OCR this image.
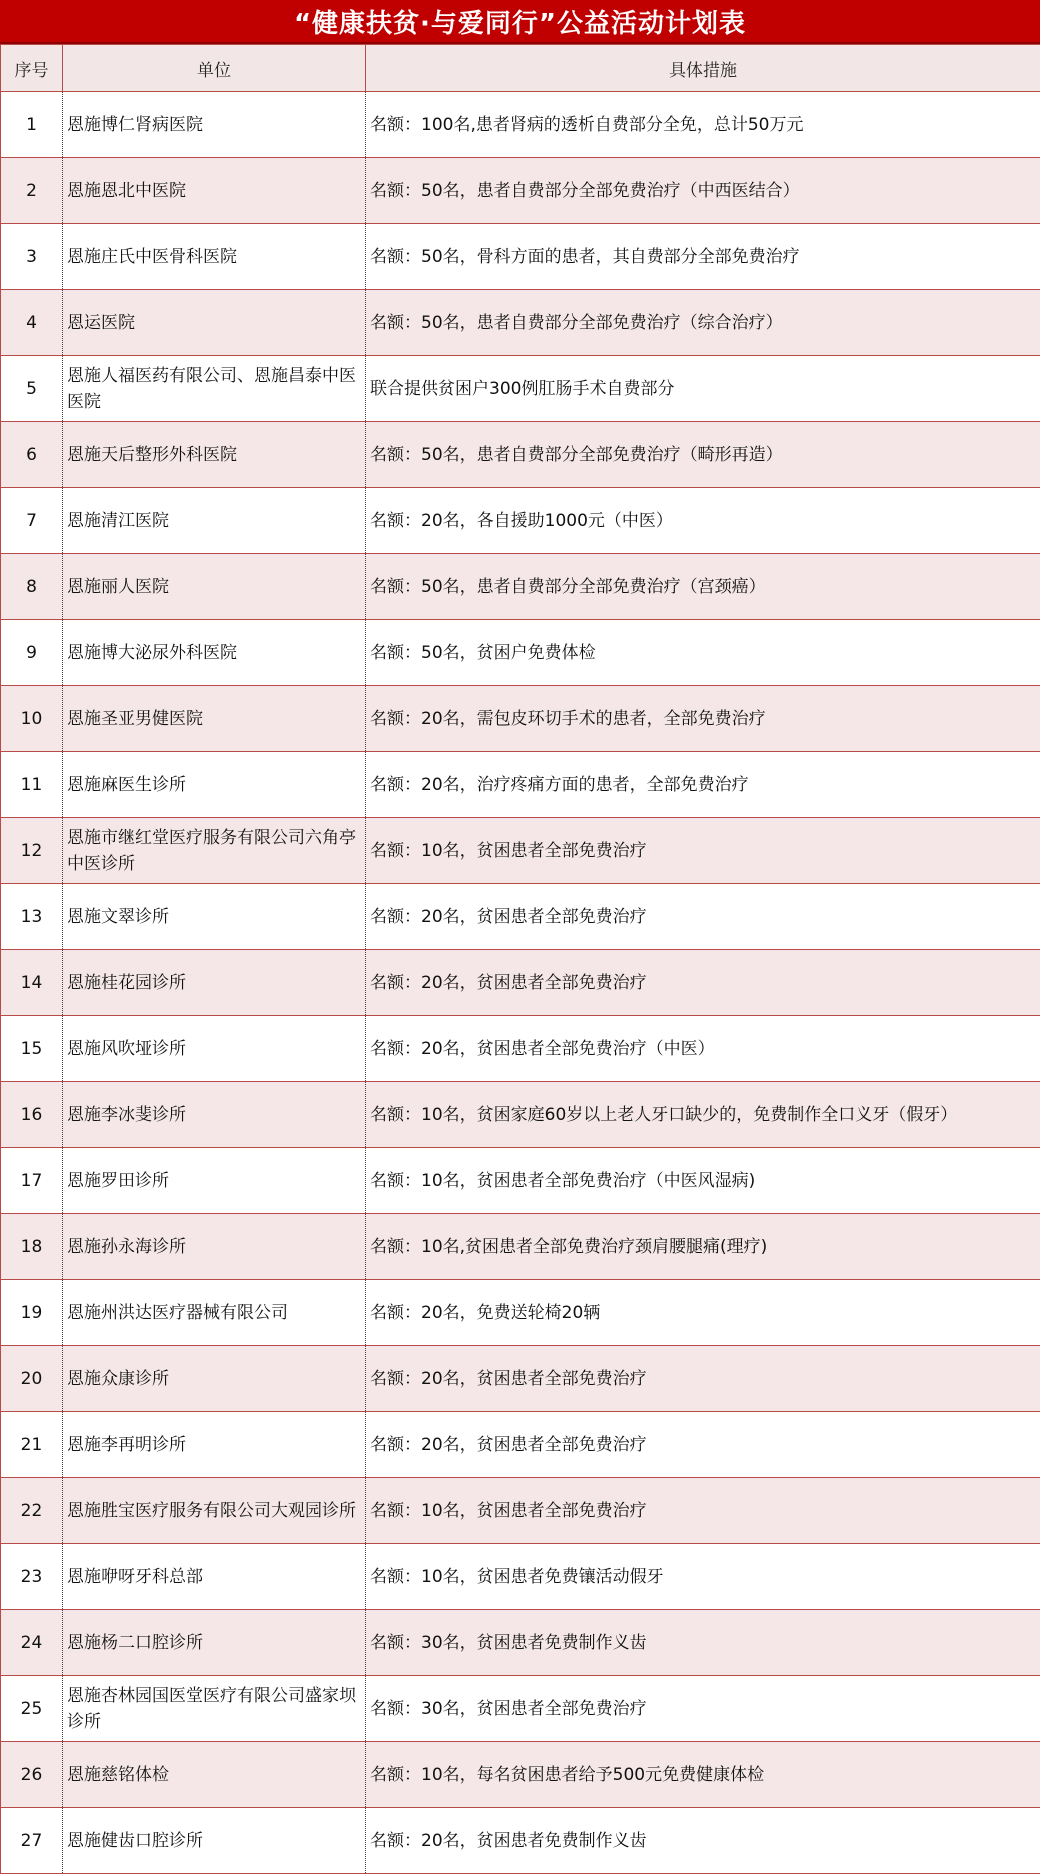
“健康扶贫·与爱同行”公益活动计划表
序号	单位	具体措施
1	恩施博仁肾病医院	名额：100名,患者肾病的透析自费部分全免，总计50万元
2	恩施恩北中医院	名额：50名，患者自费部分全部免费治疗（中西医结合）
3	恩施庄氏中医骨科医院	名额：50名，骨科方面的患者，其自费部分全部免费治疗
4	恩运医院	名额：50名，患者自费部分全部免费治疗（综合治疗）
5	恩施人福医药有限公司、恩施昌泰中医医院	联合提供贫困户300例肛肠手术自费部分
6	恩施天后整形外科医院	名额：50名，患者自费部分全部免费治疗（畸形再造）
7	恩施清江医院	名额：20名，各自援助1000元（中医）
8	恩施丽人医院	名额：50名，患者自费部分全部免费治疗（宫颈癌）
9	恩施博大泌尿外科医院	名额：50名，贫困户免费体检
10	恩施圣亚男健医院	名额：20名，需包皮环切手术的患者，全部免费治疗
11	恩施麻医生诊所	名额：20名，治疗疼痛方面的患者，全部免费治疗
12	恩施市继红堂医疗服务有限公司六角亭中医诊所	名额：10名，贫困患者全部免费治疗
13	恩施文翠诊所	名额：20名，贫困患者全部免费治疗
14	恩施桂花园诊所	名额：20名，贫困患者全部免费治疗
15	恩施风吹垭诊所	名额：20名，贫困患者全部免费治疗（中医）
16	恩施李冰斐诊所	名额：10名，贫困家庭60岁以上老人牙口缺少的，免费制作全口义牙（假牙）
17	恩施罗田诊所	名额：10名，贫困患者全部免费治疗（中医风湿病)
18	恩施孙永海诊所	名额：10名,贫困患者全部免费治疗颈肩腰腿痛(理疗)
19	恩施州洪达医疗器械有限公司	名额：20名，免费送轮椅20辆
20	恩施众康诊所	名额：20名，贫困患者全部免费治疗
21	恩施李再明诊所	名额：20名，贫困患者全部免费治疗
22	恩施胜宝医疗服务有限公司大观园诊所	名额：10名，贫困患者全部免费治疗
23	恩施咿呀牙科总部	名额：10名，贫困患者免费镶活动假牙
24	恩施杨二口腔诊所	名额：30名，贫困患者免费制作义齿
25	恩施杏林园国医堂医疗有限公司盛家坝诊所	名额：30名，贫困患者全部免费治疗
26	恩施慈铭体检	名额：10名，每名贫困患者给予500元免费健康体检
27	恩施健齿口腔诊所	名额：20名，贫困患者免费制作义齿
